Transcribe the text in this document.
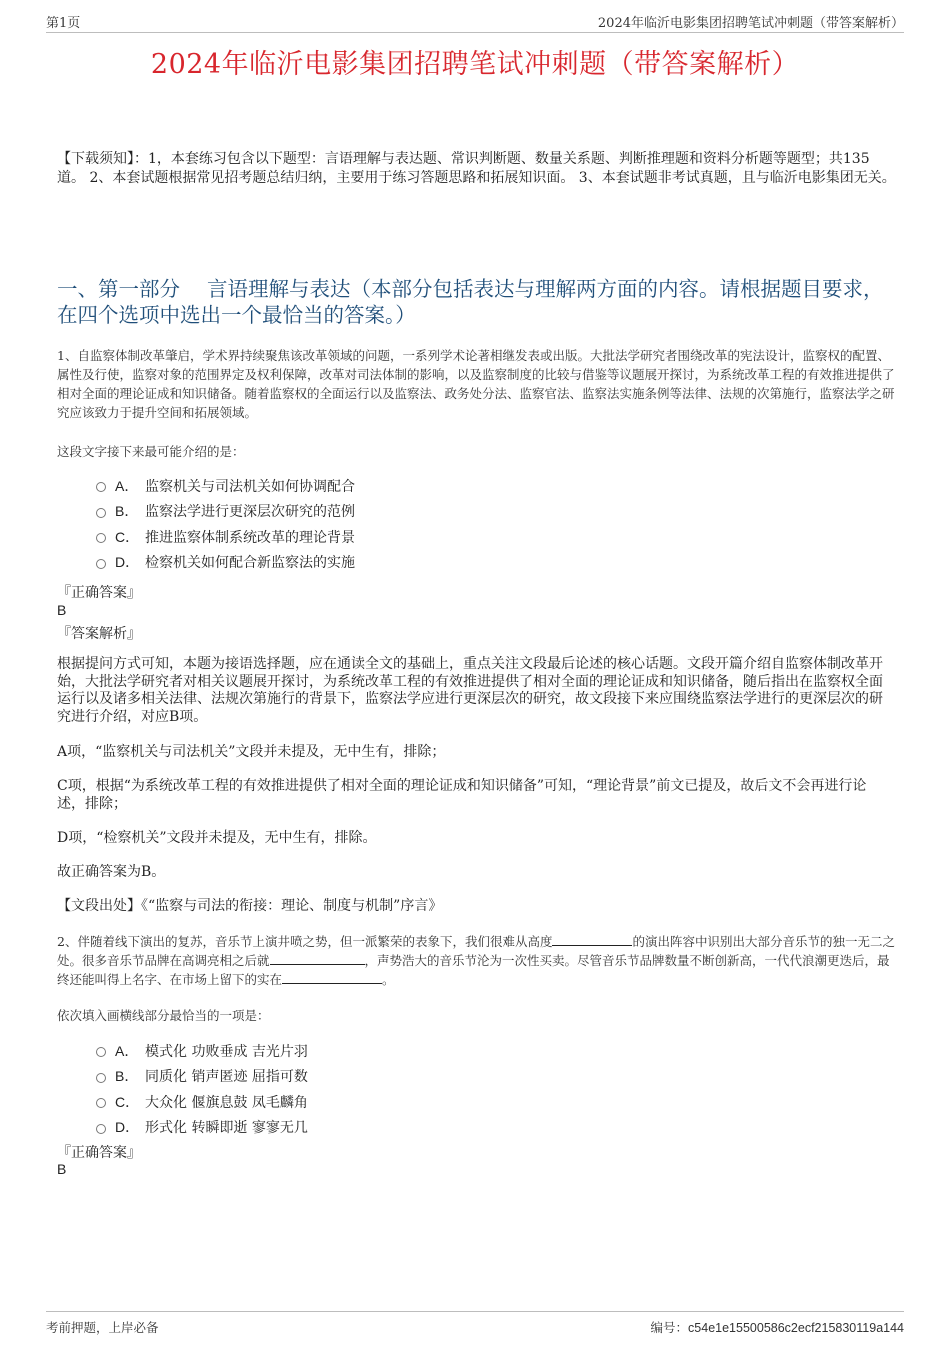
第1页	2024年临沂电影集团招聘笔试冲刺题（带答案解析）
2024年临沂电影集团招聘笔试冲刺题（带答案解析）
【下载须知】：1，本套练习包含以下题型：言语理解与表达题、常识判断题、数量关系题、判断推理题和资料分析题等题型；共135道。 2、本套试题根据常见招考题总结归纳，主要用于练习答题思路和拓展知识面。 3、本套试题非考试真题，且与临沂电影集团无关。
一、第一部分　 言语理解与表达（本部分包括表达与理解两方面的内容。请根据题目要求，在四个选项中选出一个最恰当的答案。）
1、自监察体制改革肇启，学术界持续聚焦该改革领域的问题，一系列学术论著相继发表或出版。大批法学研究者围绕改革的宪法设计，监察权的配置、属性及行使，监察对象的范围界定及权利保障，改革对司法体制的影响，以及监察制度的比较与借鉴等议题展开探讨，为系统改革工程的有效推进提供了相对全面的理论证成和知识储备。随着监察权的全面运行以及监察法、政务处分法、监察官法、监察法实施条例等法律、法规的次第施行，监察法学之研究应该致力于提升空间和拓展领域。
这段文字接下来最可能介绍的是：
A． 监察机关与司法机关如何协调配合
B． 监察法学进行更深层次研究的范例
C． 推进监察体制系统改革的理论背景
D． 检察机关如何配合新监察法的实施
『正确答案』
B
『答案解析』
根据提问方式可知，本题为接语选择题，应在通读全文的基础上，重点关注文段最后论述的核心话题。文段开篇介绍自监察体制改革开始，大批法学研究者对相关议题展开探讨，为系统改革工程的有效推进提供了相对全面的理论证成和知识储备，随后指出在监察权全面运行以及诸多相关法律、法规次第施行的背景下，监察法学应进行更深层次的研究，故文段接下来应围绕监察法学进行的更深层次的研究进行介绍，对应B项。
A项，“监察机关与司法机关”文段并未提及，无中生有，排除；
C项，根据“为系统改革工程的有效推进提供了相对全面的理论证成和知识储备”可知，“理论背景”前文已提及，故后文不会再进行论述，排除；
D项，“检察机关”文段并未提及，无中生有，排除。
故正确答案为B。
【文段出处】《“监察与司法的衔接：理论、制度与机制”序言》
2、伴随着线下演出的复苏，音乐节上演井喷之势，但一派繁荣的表象下，我们很难从高度	的演出阵容中识别出大部分音乐节的独一无二之处。很多音乐节品牌在高调亮相之后就	，声势浩大的音乐节沦为一次性买卖。尽管音乐节品牌数量不断创新高，一代代浪潮更迭后，最终还能叫得上名字、在市场上留下的实在	。
依次填入画横线部分最恰当的一项是：
A． 模式化 功败垂成 吉光片羽
B． 同质化 销声匿迹 屈指可数
C． 大众化 偃旗息鼓 凤毛麟角
D． 形式化 转瞬即逝 寥寥无几
『正确答案』
B
考前押题，上岸必备	编号：c54e1e15500586c2ecf215830119a144
